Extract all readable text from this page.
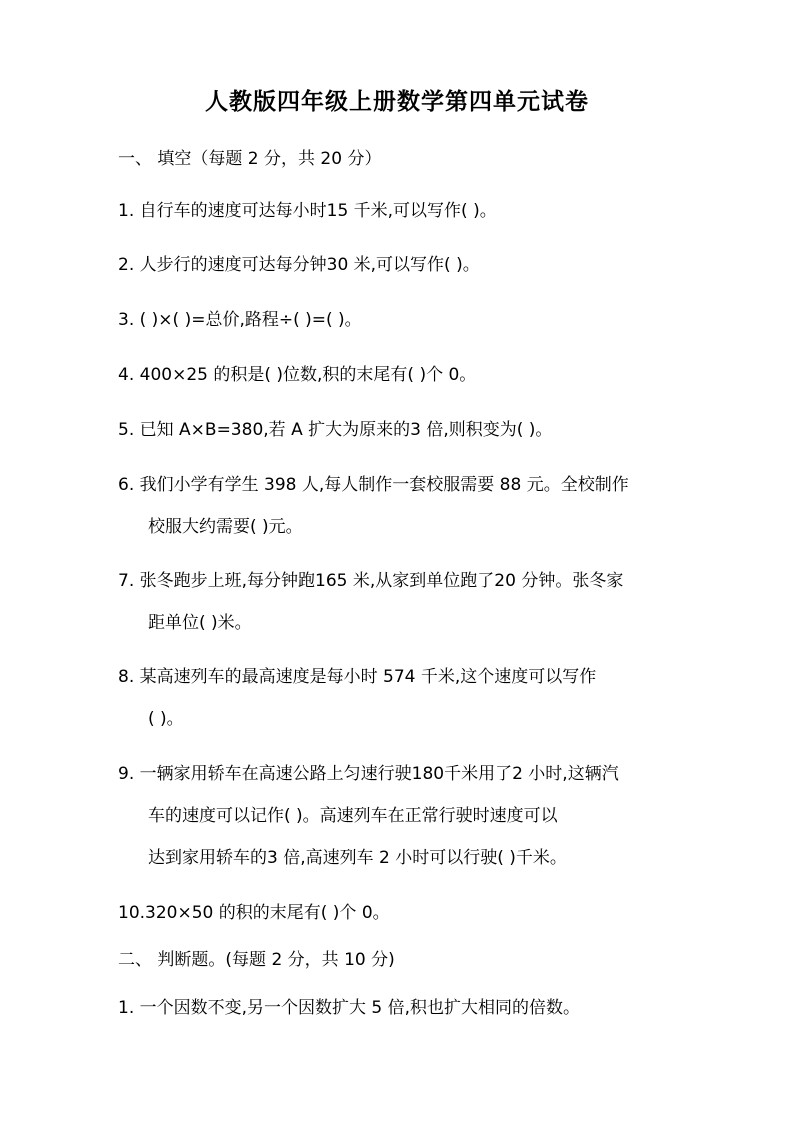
人教版四年级上册数学第四单元试卷
一、 填空（每题 2 分，共 20 分）
1. 自行车的速度可达每小时15 千米,可以写作( )。
2. 人步行的速度可达每分钟30 米,可以写作( )。
3. ( )×( )=总价,路程÷( )=( )。
4. 400×25 的积是( )位数,积的末尾有( )个 0。
5. 已知 A×B=380,若 A 扩大为原来的3 倍,则积变为( )。
6. 我们小学有学生 398 人,每人制作一套校服需要 88 元。全校制作
校服大约需要( )元。
7. 张冬跑步上班,每分钟跑165 米,从家到单位跑了20 分钟。张冬家
距单位( )米。
8. 某高速列车的最高速度是每小时 574 千米,这个速度可以写作
( )。
9. 一辆家用轿车在高速公路上匀速行驶180千米用了2 小时,这辆汽
车的速度可以记作( )。高速列车在正常行驶时速度可以
达到家用轿车的3 倍,高速列车 2 小时可以行驶( )千米。
10.320×50 的积的末尾有( )个 0。
二、 判断题。(每题 2 分，共 10 分)
1. 一个因数不变,另一个因数扩大 5 倍,积也扩大相同的倍数。
